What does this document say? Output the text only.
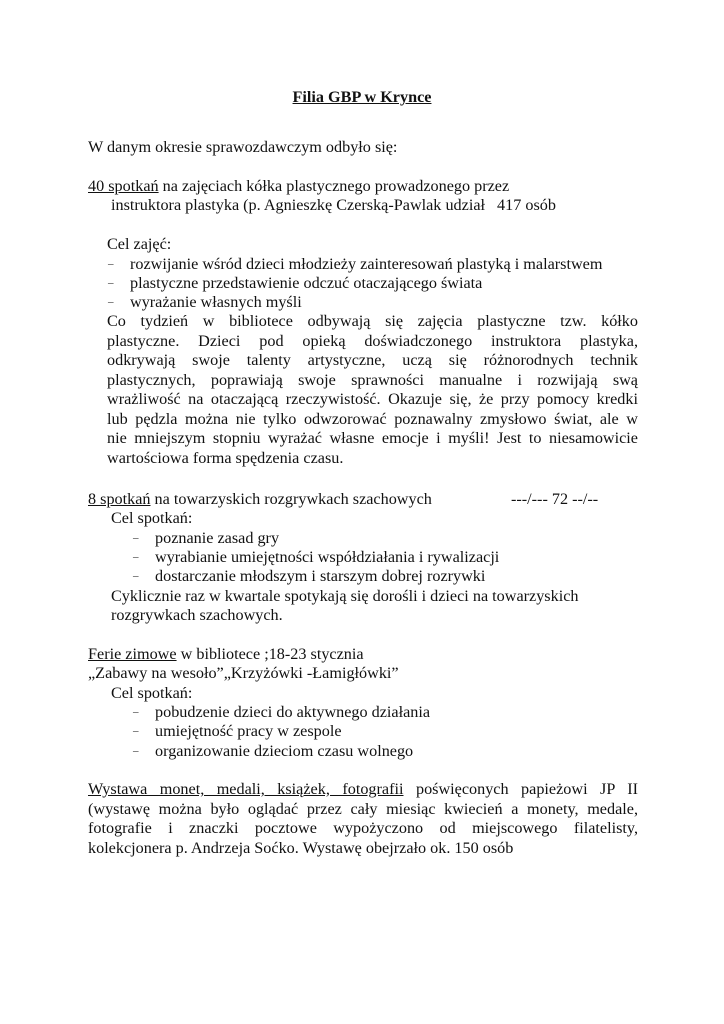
Filia GBP w Krynce
W danym okresie sprawozdawczym odbyło się:
40 spotkań na zajęciach kółka plastycznego prowadzonego przez
instruktora plastyka (p. Agnieszkę Czerską-Pawlak udział 417 osób
Cel zajęć:
– rozwijanie wśród dzieci młodzieży zainteresowań plastyką i malarstwem
– plastyczne przedstawienie odczuć otaczającego świata
– wyrażanie własnych myśli
Co tydzień w bibliotece odbywają się zajęcia plastyczne tzw. kółko
plastyczne. Dzieci pod opieką doświadczonego instruktora plastyka,
odkrywają swoje talenty artystyczne, uczą się różnorodnych technik
plastycznych, poprawiają swoje sprawności manualne i rozwijają swą
wrażliwość na otaczającą rzeczywistość. Okazuje się, że przy pomocy kredki
lub pędzla można nie tylko odwzorować poznawalny zmysłowo świat, ale w
nie mniejszym stopniu wyrażać własne emocje i myśli! Jest to niesamowicie
wartościowa forma spędzenia czasu.
8 spotkań na towarzyskich rozgrywkach szachowych	---/--- 72 --/--
Cel spotkań:
– poznanie zasad gry
– wyrabianie umiejętności współdziałania i rywalizacji
– dostarczanie młodszym i starszym dobrej rozrywki
Cyklicznie raz w kwartale spotykają się dorośli i dzieci na towarzyskich
rozgrywkach szachowych.
Ferie zimowe w bibliotece ;18-23 stycznia
„Zabawy na wesoło”„Krzyżówki -Łamigłówki”
Cel spotkań:
– pobudzenie dzieci do aktywnego działania
– umiejętność pracy w zespole
– organizowanie dzieciom czasu wolnego
Wystawa monet, medali, książek, fotografii poświęconych papieżowi JP II
(wystawę można było oglądać przez cały miesiąc kwiecień a monety, medale,
fotografie i znaczki pocztowe wypożyczono od miejscowego filatelisty,
kolekcjonera p. Andrzeja Soćko. Wystawę obejrzało ok. 150 osób
